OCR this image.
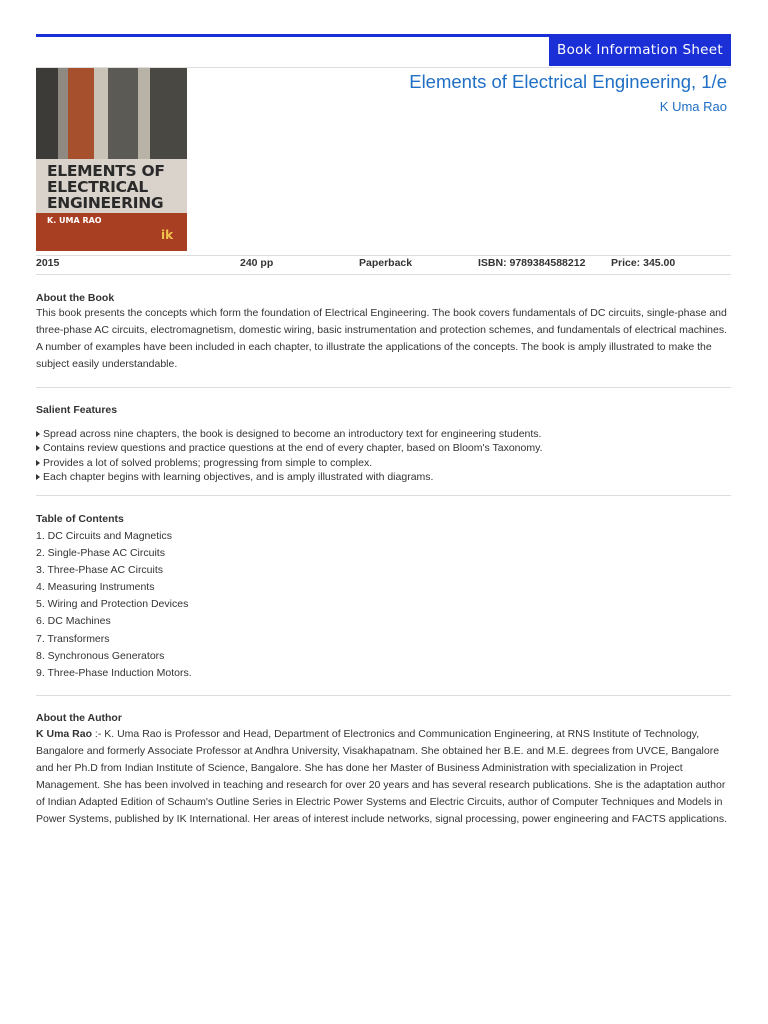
Book Information Sheet
ELEMENTS OF
ELECTRICAL
ENGINEERING
K. UMA RAO
ik
Elements of Electrical Engineering, 1/e
K Uma Rao
2015	240 pp	Paperback	ISBN: 9789384588212 Price: 345.00
About the Book
This book presents the concepts which form the foundation of Electrical Engineering. The book covers fundamentals of DC circuits, single-phase and three-phase AC circuits, electromagnetism, domestic wiring, basic instrumentation and protection schemes, and fundamentals of electrical machines. A number of examples have been included in each chapter, to illustrate the applications of the concepts. The book is amply illustrated to make the subject easily understandable.
Salient Features
Spread across nine chapters, the book is designed to become an introductory text for engineering students.
Contains review questions and practice questions at the end of every chapter, based on Bloom's Taxonomy.
Provides a lot of solved problems; progressing from simple to complex.
Each chapter begins with learning objectives, and is amply illustrated with diagrams.
Table of Contents
1. DC Circuits and Magnetics
2. Single-Phase AC Circuits
3. Three-Phase AC Circuits
4. Measuring Instruments
5. Wiring and Protection Devices
6. DC Machines
7. Transformers
8. Synchronous Generators
9. Three-Phase Induction Motors.
About the Author
K Uma Rao :- K. Uma Rao is Professor and Head, Department of Electronics and Communication Engineering, at RNS Institute of Technology, Bangalore and formerly Associate Professor at Andhra University, Visakhapatnam. She obtained her B.E. and M.E. degrees from UVCE, Bangalore and her Ph.D from Indian Institute of Science, Bangalore. She has done her Master of Business Administration with specialization in Project Management. She has been involved in teaching and research for over 20 years and has several research publications. She is the adaptation author of Indian Adapted Edition of Schaum's Outline Series in Electric Power Systems and Electric Circuits, author of Computer Techniques and Models in Power Systems, published by IK International. Her areas of interest include networks, signal processing, power engineering and FACTS applications.
